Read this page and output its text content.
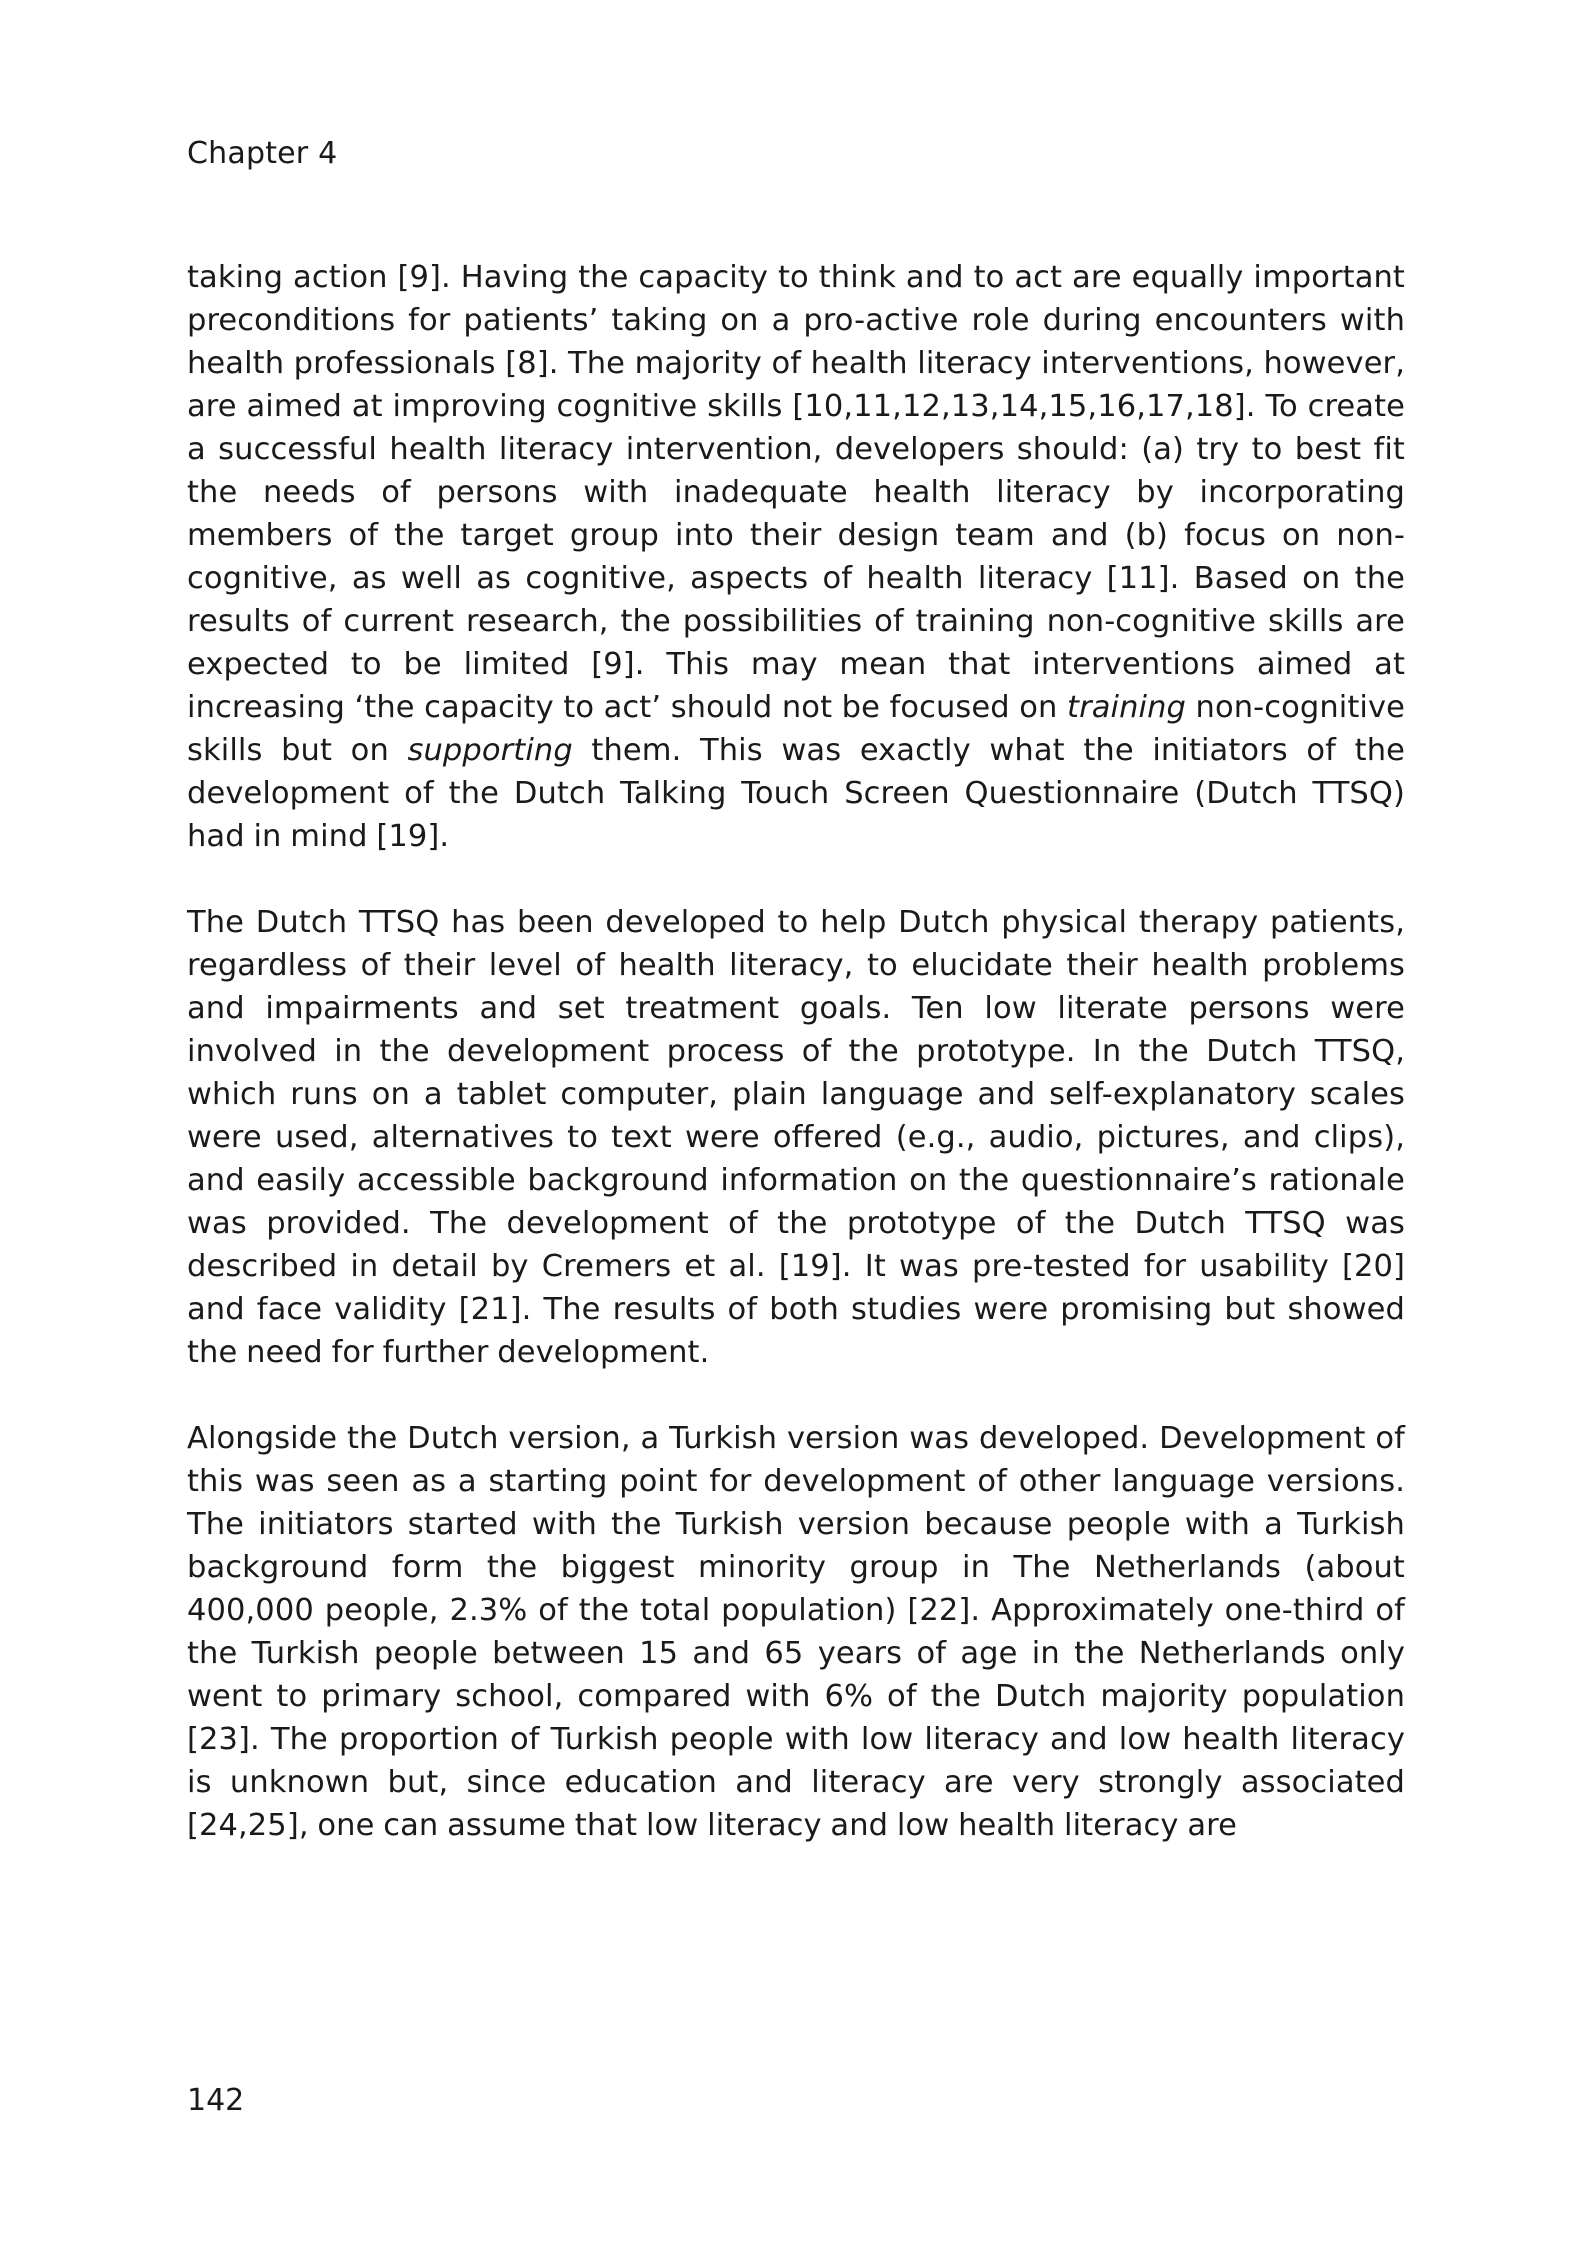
Chapter 4

taking action [9]. Having the capacity to think and to act are equally important preconditions for patients’ taking on a pro-active role during encounters with health professionals [8]. The majority of health literacy interventions, however, are aimed at improving cognitive skills [10,11,12,13,14,15,16,17,18]. To create a successful health literacy intervention, developers should: (a) try to best fit the needs of persons with inadequate health literacy by incorporating members of the target group into their design team and (b) focus on non-cognitive, as well as cognitive, aspects of health literacy [11]. Based on the results of current research, the possibilities of training non-cognitive skills are expected to be limited [9]. This may mean that interventions aimed at increasing ‘the capacity to act’ should not be focused on training non-cognitive skills but on supporting them. This was exactly what the initiators of the development of the Dutch Talking Touch Screen Questionnaire (Dutch TTSQ) had in mind [19].

The Dutch TTSQ has been developed to help Dutch physical therapy patients, regardless of their level of health literacy, to elucidate their health problems and impairments and set treatment goals. Ten low literate persons were involved in the development process of the prototype. In the Dutch TTSQ, which runs on a tablet computer, plain language and self-explanatory scales were used, alternatives to text were offered (e.g., audio, pictures, and clips), and easily accessible background information on the questionnaire’s rationale was provided. The development of the prototype of the Dutch TTSQ was described in detail by Cremers et al. [19]. It was pre-tested for usability [20] and face validity [21]. The results of both studies were promising but showed the need for further development.

Alongside the Dutch version, a Turkish version was developed. Development of this was seen as a starting point for development of other language versions. The initiators started with the Turkish version because people with a Turkish background form the biggest minority group in The Netherlands (about 400,000 people, 2.3% of the total population) [22]. Approximately one-third of the Turkish people between 15 and 65 years of age in the Netherlands only went to primary school, compared with 6% of the Dutch majority population [23]. The proportion of Turkish people with low literacy and low health literacy is unknown but, since education and literacy are very strongly associated [24,25], one can assume that low literacy and low health literacy are

142
